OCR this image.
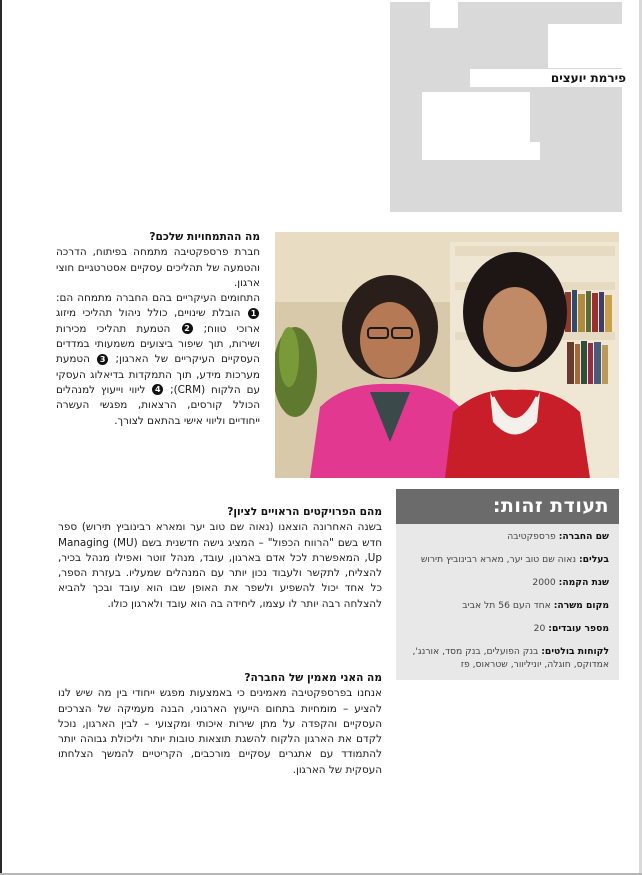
פירמת יועצים
מה ההתמחויות שלכם?

חברת פרספקטיבה מתמחה בפיתוח, הדרכה והטמעה של תהליכים עסקיים אסטרטגיים חוצי ארגון.

התחומים העיקריים בהם החברה מתמחה הם: 1 הובלת שינויים, כולל ניהול תהליכי מיזוג ארוכי טווח; 2 הטמעת תהליכי מכירות ושירות, תוך שיפור ביצועים משמעותי במדדים העסקיים העיקריים של הארגון; 3 הטמעת מערכות מידע, תוך התמקדות בדיאלוג העסקי עם הלקוח (CRM); 4 ליווי וייעוץ למנהלים הכולל קורסים, הרצאות, מפגשי העשרה ייחודיים וליווי אישי בהתאם לצורך.

מהם הפרויקטים הראויים לציון?

בשנה האחרונה הוצאנו (נאוה שם טוב יער ומארא רבינוביץ תירוש) ספר חדש בשם "הרווח הכפול" – המציג גישה חדשנית בשם (MU) Managing Up, המאפשרת לכל אדם בארגון, עובד, מנהל זוטר ואפילו מנהל בכיר, להצליח, לתקשר ולעבוד נכון יותר עם המנהלים שמעליו. בעזרת הספר, כל אחד יכול להשפיע ולשפר את האופן שבו הוא עובד ובכך להביא להצלחה רבה יותר לו עצמו, ליחידה בה הוא עובד ולארגון כולו.

מה האני מאמין של החברה?

אנחנו בפרספקטיבה מאמינים כי באמצעות מפגש ייחודי בין מה שיש לנו להציע – מומחיות בתחום הייעוץ הארגוני, הבנה מעמיקה של הצרכים העסקיים והקפדה על מתן שירות איכותי ומקצועי – לבין הארגון, נוכל לקדם את הארגון הלקוח להשגת תוצאות טובות יותר וליכולת גבוהה יותר להתמודד עם אתגרים עסקיים מורכבים, הקריטיים להמשך הצלחתו העסקית של הארגון.

תעודת זהות:
שם החברה: פרספקטיבה
בעלים: נאוה שם טוב יער, מארא רבינוביץ תירוש
שנת הקמה: 2000
מקום משרה: אחד העם 56 תל אביב
מספר עובדים: 20
לקוחות בולטים: בנק הפועלים, בנק מסד, אורנג', אמדוקס, חוגלה, יוניליוור, שטראוס, פז
